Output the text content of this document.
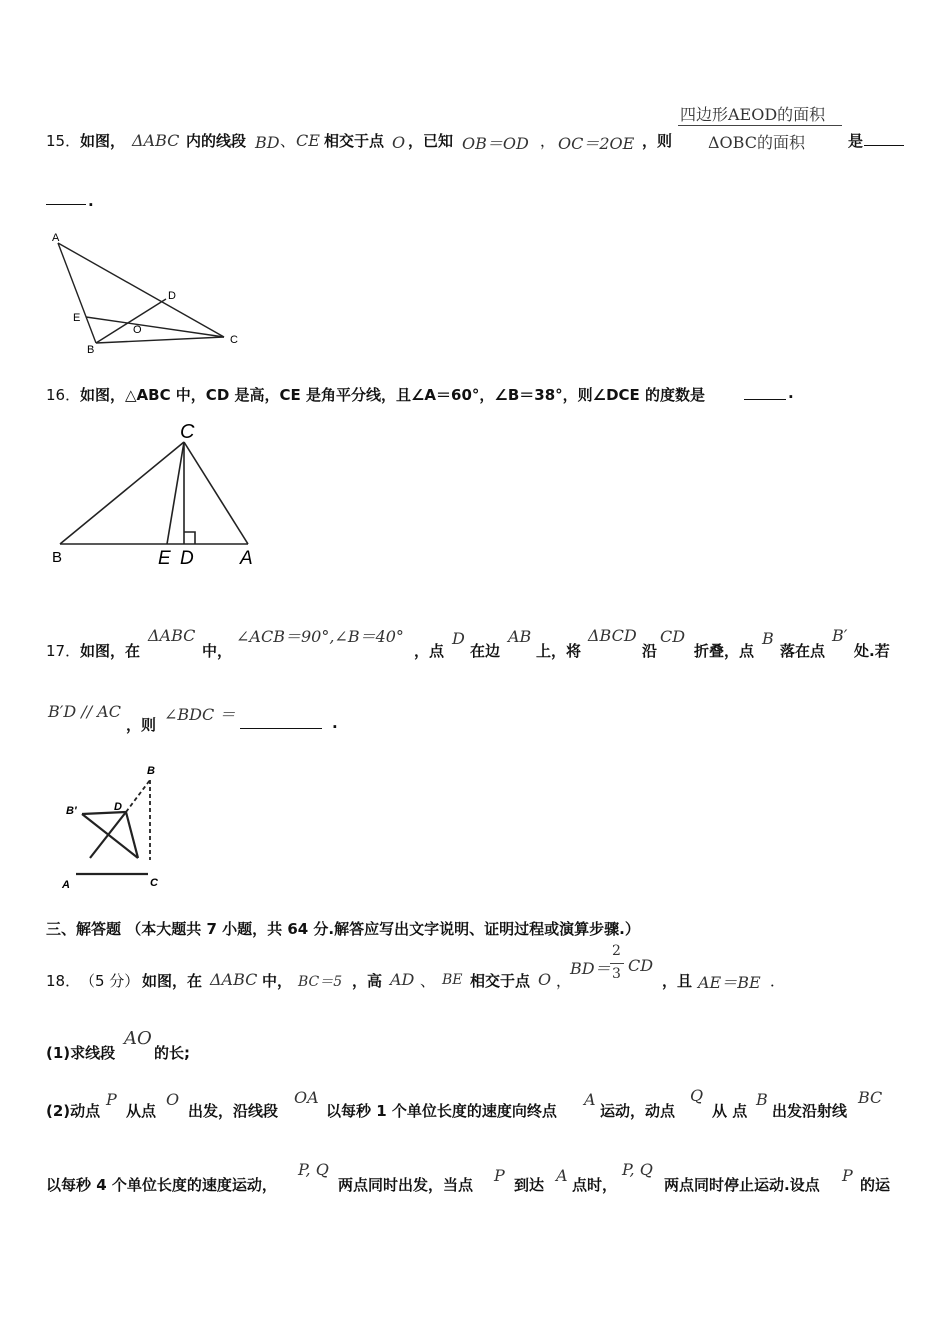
15． 如图， ΔABC 内的线段 BD 、 CE 相交于点 O ，已知 OB＝OD ， OC＝2OE ，则
四边形AEOD的面积
ΔOBC的面积	是
.
A
D
E
O
B
C
16． 如图，△ABC 中，CD 是高，CE 是角平分线，且∠A＝60°，∠B＝38°，则∠DCE 的度数是	.
C
B	E D A
17． 如图，在
ΔABC
中，
∠ACB＝90°,∠B＝40°
，点
D
在边
AB
上，将
ΔBCD
沿
CD
折叠，点
B
落在点
B′
处.若
B′D // AC
，则
∠BDC ＝	.
B
B′	D
A	C
三、解答题 （本大题共 7 小题，共 64 分.解答应写出文字说明、证明过程或演算步骤.）
18． （5 分） 如图，在 ΔABC 中， BC＝5 ，高 AD 、 BE 相交于点 O ，
BD＝
2
3 CD
，且 AE＝BE ．
(1)求线段
AO
的长;
(2)动点
P
从点
O
出发，沿线段
OA
以每秒 1 个单位长度的速度向终点
A
运动，动点
Q
从 点
B
出发沿射线
BC
以每秒 4 个单位长度的速度运动，
P, Q
两点同时出发，当点 P 到达 A 点时，
P, Q
两点同时停止运动.设点 P 的运
